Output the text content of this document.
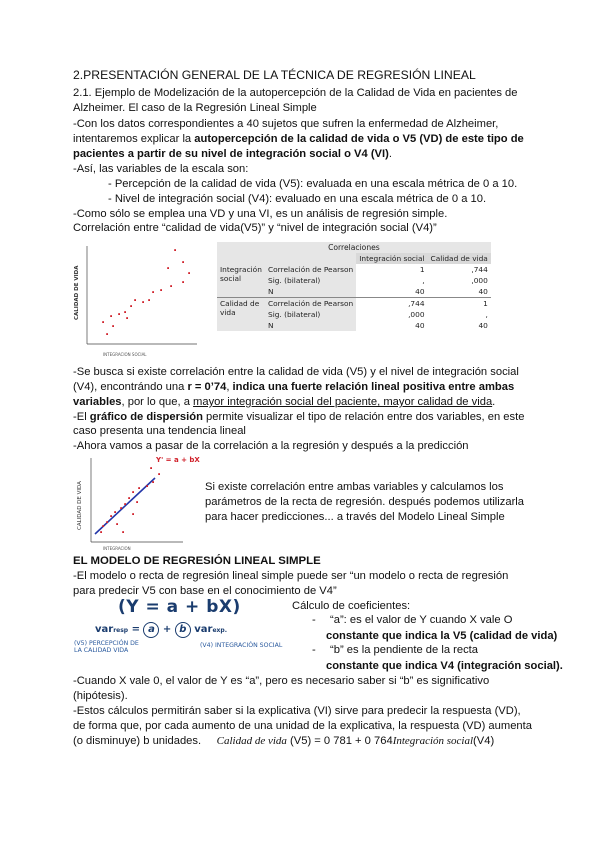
2.PRESENTACIÓN GENERAL DE LA TÉCNICA DE REGRESIÓN LINEAL

2.1. Ejemplo de Modelización de la autopercepción de la Calidad de Vida en pacientes de

Alzheimer. El caso de la Regresión Lineal Simple

-Con los datos correspondientes a 40 sujetos que sufren la enfermedad de Alzheimer,

intentaremos explicar la autopercepción de la calidad de vida o V5 (VD) de este tipo de

pacientes a partir de su nivel de integración social o V4 (VI).

-Así, las variables de la escala son:

- Percepción de la calidad de vida (V5): evaluada en una escala métrica de 0 a 10.

- Nivel de integración social (V4): evaluado en una escala métrica de 0 a 10.

-Como sólo se emplea una VD y una VI, es un análisis de regresión simple.

Correlación entre “calidad de vida(V5)” y “nivel de integración social (V4)”

CALIDAD DE VIDA
INTEGRACION SOCIAL
Correlaciones			
		Integración social	Calidad de vida
Integración social	Correlación de Pearson	1	,744
	Sig. (bilateral)	,	,000
	N	40	40
Calidad de vida	Correlación de Pearson	,744	1
	Sig. (bilateral)	,000	,
	N	40	40

-Se busca si existe correlación entre la calidad de vida (V5) y el nivel de integración social

(V4), encontrándo una r = 0’74, indica una fuerte relación lineal positiva entre ambas

variables, por lo que, a mayor integración social del paciente, mayor calidad de vida.

-El gráfico de dispersión permite visualizar el tipo de relación entre dos variables, en este

caso presenta una tendencia lineal

-Ahora vamos a pasar de la correlación a la regresión y después a la predicción

CALIDAD DE VIDA
INTEGRACION
Y' = a + bX

Si existe correlación entre ambas variables y calculamos los

parámetros de la recta de regresión. después podemos utilizarla

para hacer predicciones... a través del Modelo Lineal Simple

EL MODELO DE REGRESIÓN LINEAL SIMPLE

-El modelo o recta de regresión lineal simple puede ser “un modelo o recta de regresión

para predecir V5 con base en el conocimiento de V4”

(Y = a + bX)
varresp = a + b varexp.
(V5) PERCEPCIÓN DE
LA CALIDAD VIDA
(V4) INTEGRACIÓN SOCIAL
Cálculo de coeficientes:
- “a”: es el valor de Y cuando X vale O
constante que indica la V5 (calidad de vida)
- “b” es la pendiente de la recta
constante que indica V4 (integración social).

-Cuando X vale 0, el valor de Y es “a”, pero es necesario saber si “b” es significativo

(hipótesis).

-Estos cálculos permitirán saber si la explicativa (VI) sirve para predecir la respuesta (VD),

de forma que, por cada aumento de una unidad de la explicativa, la respuesta (VD) aumenta

(o disminuye) b unidades. Calidad de vida (V5) = 0 781 + 0 764Integración social(V4)
